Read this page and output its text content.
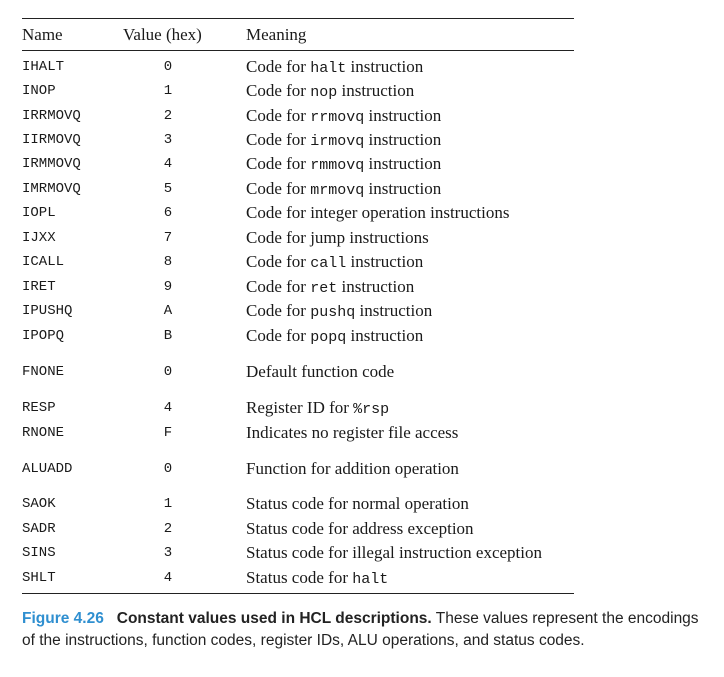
Name	Value (hex)	Meaning
IHALT	0	Code for halt instruction
INOP	1	Code for nop instruction
IRRMOVQ	2	Code for rrmovq instruction
IIRMOVQ	3	Code for irmovq instruction
IRMMOVQ	4	Code for rmmovq instruction
IMRMOVQ	5	Code for mrmovq instruction
IOPL	6	Code for integer operation instructions
IJXX	7	Code for jump instructions
ICALL	8	Code for call instruction
IRET	9	Code for ret instruction
IPUSHQ	A	Code for pushq instruction
IPOPQ	B	Code for popq instruction
FNONE	0	Default function code
RESP	4	Register ID for %rsp
RNONE	F	Indicates no register file access
ALUADD	0	Function for addition operation
SAOK	1	Status code for normal operation
SADR	2	Status code for address exception
SINS	3	Status code for illegal instruction exception
SHLT	4	Status code for halt
Figure 4.26 Constant values used in HCL descriptions. These values represent the encodings of the instructions, function codes, register IDs, ALU operations, and status codes.
